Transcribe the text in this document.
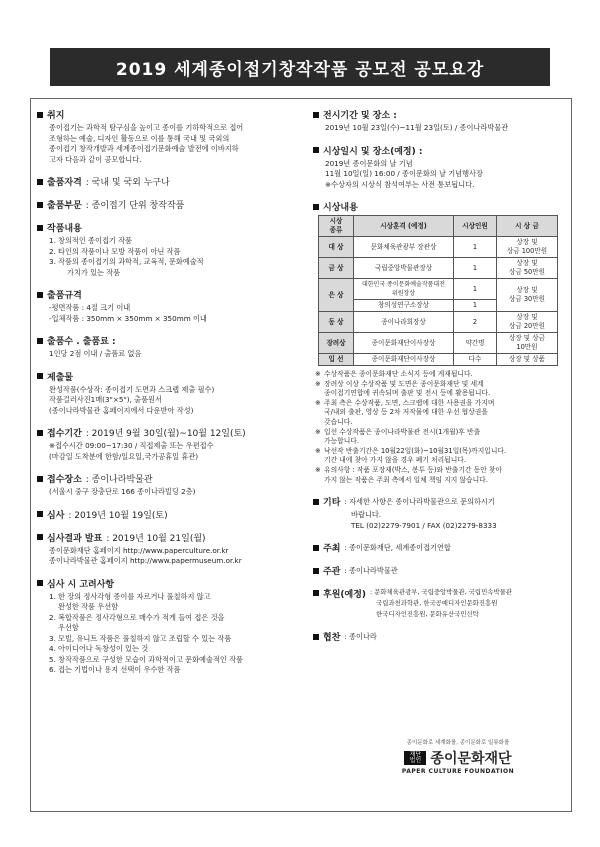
2019 세계종이접기창작작품 공모전 공모요강
취지
종이접기는 과학적 탐구심을 높이고 종이를 기하학적으로 접어
조형하는 예술, 디자인 활동으로 이를 통해 국내 및 국외의
종이접기 창작개발과 세계종이접기문화예술 발전에 이바지하
고자 다음과 같이 공모합니다.
출품자격 : 국내 및 국외 누구나
출품부문 : 종이접기 단위 창작작품
작품내용
1. 창의적인 종이접기 작품
2. 타인의 작품이나 모방 작품이 아닌 작품
3. 작품의 종이접기의 과학적, 교육적, 문화예술적
가치가 있는 작품
출품규격
-평면작품 : 4절 크기 이내
-입체작품 : 350mm × 350mm × 350mm 이내
출품수 . 출품료 :
1인당 2점 이내 / 출품료 없음
제출물
완성작품(수상작: 종이접기 도면과 스크랩 제출 필수)
작품걸러사진1매(3"×5"), 출품원서
(종이나라박물관 홈페이지에서 다운받아 작성)
접수기간 : 2019년 9월 30일(월)~10월 12일(토)
※접수시간 09:00~17:30 / 직접제출 또는 우편접수
(마감일 도착분에 한함/일요일,국가공휴일 휴관)
접수장소 : 종이나라박물관
(서울시 중구 장충단로 166 종이나라빌딩 2층)
심사 : 2019년 10월 19일(토)
심사결과 발표 : 2019년 10월 21일(월)
종이문화재단 홈페이지 http://www.paperculture.or.kr
종이나라박물관 홈페이지 http://www.papermuseum.or.kr
심사 시 고려사항
1. 한 장의 정사각형 종이를 자르거나 풀칠하지 않고
완성한 작품 우선함
2. 복합작품은 정사각형으로 매수가 적게 들여 접은 것을
우선함
3. 모빌, 유니트 작품은 풀칠하지 않고 조립할 수 있는 작품
4. 아이디어나 독창성이 있는 것
5. 창작작품으로 구성한 모습이 과학적이고 문화예술적인 작품
6. 접는 기법이나 용지 선택이 우수한 작품
전시기간 및 장소 :
2019년 10월 23일(수)~11월 23일(토) / 종이나라박물관
시상일시 및 장소(예정) :
2019년 종이문화의 날 기념
11월 10일(일) 16:00 / 종이문화의 날 기념행사장
※수상자의 시상식 참석여부는 사전 통보됩니다.
시상내용
시상
종류	시상훈격 (예정)	시상인원	시 상 금
대 상	문화체육관광부 장관상	1	상장 및
상금 100만원
금 상	국립중앙박물관장상	1	상장 및
상금 50만원
은 상	대한민국 종이문화예술작품대전
위원장상	1	상장 및
상금 30만원
	창의성연구소장상	1	
동 상	종이나라회장상	2	상장 및
상금 20만원
장려상	종이문화재단이사장상	약간명	상장 및 상금
10만원
입 선	종이문화재단이사장상	다수	상장 및 상품
※ 수상작품은 종이문화재단 소식지 등에 게재됩니다.
※ 장려상 이상 수상작품 및 도면은 종이문화재단 및 세계
종이접기연합에 귀속되며 출판 및 전시 등에 활용됩니다.
※ 주최 측은 수상작품, 도면, 스크랩에 대한 사용권을 가지며
국/내외 출판, 영상 등 2차 저작물에 대한 우선 협상권을
갖습니다.
※ 입선 수상작품은 종이나라박물관 전시(1개월)후 반출
가능합니다.
※ 낙선작 반출기간은 10월22일(화)~10월31일(목)까지입니다.
기간 내에 찾아 가지 않을 경우 폐기 처리됩니다.
※ 유의사항 : 작품 포장재(박스, 봉투 등)와 반출기간 동안 찾아
가지 않는 작품은 주최 측에서 일체 책임 지지 않습니다.
기타 : 자세한 사항은 종이나라박물관으로 문의하시기
바랍니다.
TEL (02)2279-7901 / FAX (02)2279-8333
주최 : 종이문화재단, 세계종이접기연합
주관 : 종이나라박물관
후원(예정) : 문화체육관광부, 국립중앙박물관, 국립민속박물관
국립과천과학관, 한국공예디자인문화진흥원
한국디자인진흥원, 문화유산국민신탁
협찬 : 종이나라
종이문화로 세계화를, 종이문화로 일류화를
재단
법인 종이문화재단
PAPER CULTURE FOUNDATION
